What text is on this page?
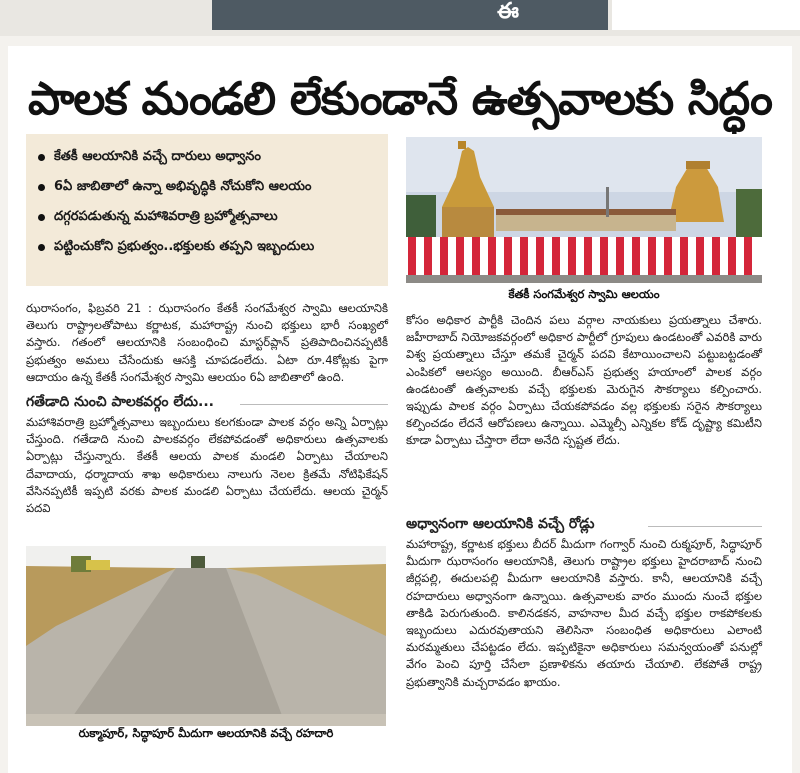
ఈ
పాలక మండలి లేకుండానే ఉత్సవాలకు సిద్ధం
కేతకీ ఆలయానికి వచ్చే దారులు అధ్వానం
6ఏ జాబితాలో ఉన్నా అభివృద్ధికి నోచుకోని ఆలయం
దగ్గరపడుతున్న మహాశివరాత్రి బ్రహ్మోత్సవాలు
పట్టించుకోని ప్రభుత్వం..భక్తులకు తప్పని ఇబ్బందులు
కేతకీ సంగమేశ్వర స్వామి ఆలయం

ఝరాసంగం, ఫిబ్రవరి 21 : ఝరాసంగం కేతకీ సంగమేశ్వర స్వామి ఆలయానికి తెలుగు రాష్ట్రాలతోపాటు కర్ణాటక, మహారాష్ట్ర నుంచి భక్తులు భారీ సంఖ్యలో వస్తారు. గతంలో ఆలయానికి సంబంధించి మాస్టర్‌ప్లాన్ ప్రతిపాదించినప్పటికీ ప్రభుత్వం అమలు చేసేందుకు ఆసక్తి చూపడంలేదు. ఏటా రూ.4కోట్లకు పైగా ఆదాయం ఉన్న కేతకీ సంగమేశ్వర స్వామి ఆలయం 6ఏ జాబితాలో ఉంది.

గతేడాది నుంచి పాలకవర్గం లేదు...

మహాశివరాత్రి బ్రహ్మోత్సవాలు ఇబ్బందులు కలగకుండా పాలక వర్గం అన్ని ఏర్పాట్లు చేస్తుంది. గతేడాది నుంచి పాలకవర్గం లేకపోవడంతో అధికారులు ఉత్సవాలకు ఏర్పాట్లు చేస్తున్నారు. కేతకీ ఆలయ పాలక మండలి ఏర్పాటు చేయాలని దేవాదాయ, ధర్మాదాయ శాఖ అధికారులు నాలుగు నెలల క్రితమే నోటిఫికేషన్ వేసినప్పటికీ ఇప్పటి వరకు పాలక మండలి ఏర్పాటు చేయలేదు. ఆలయ చైర్మన్ పదవి

రుక్మాపూర్, సిద్ధాపూర్ మీదుగా ఆలయానికి వచ్చే రహదారి

కోసం అధికార పార్టీకి చెందిన పలు వర్గాల నాయకులు ప్రయత్నాలు చేశారు. జహీరాబాద్ నియోజకవర్గంలో అధికార పార్టీలో గ్రూపులు ఉండటంతో ఎవరికి వారు విశ్వ ప్రయత్నాలు చేస్తూ తమకే చైర్మన్ పదవి కేటాయించాలని పట్టుబట్టడంతో ఎంపికలో ఆలస్యం అయింది. బీఆర్ఎస్ ప్రభుత్వ హయాంలో పాలక వర్గం ఉండటంతో ఉత్సవాలకు వచ్చే భక్తులకు మెరుగైన సౌకర్యాలు కల్పించారు. ఇప్పుడు పాలక వర్గం ఏర్పాటు చేయకపోవడం వల్ల భక్తులకు సరైన సౌకర్యాలు కల్పించడం లేదనే ఆరోపణలు ఉన్నాయి. ఎమ్మెల్సీ ఎన్నికల కోడ్ దృష్ట్యా కమిటీని కూడా ఏర్పాటు చేస్తారా లేదా అనేది స్పష్టత లేదు.

అధ్వానంగా ఆలయానికి వచ్చే రోడ్లు

మహారాష్ట్ర, కర్ణాటక భక్తులు బీదర్ మీదుగా గంగ్వార్ నుంచి రుక్మపూర్, సిద్ధాపూర్ మీదుగా ఝరాసంగం ఆలయానికి, తెలుగు రాష్ట్రాల భక్తులు హైదరాబాద్ నుంచి జీర్లపల్లి, ఈదులపల్లి మీదుగా ఆలయానికి వస్తారు. కానీ, ఆలయానికి వచ్చే రహదారులు అధ్వానంగా ఉన్నాయి. ఉత్సవాలకు వారం ముందు నుంచే భక్తుల తాకిడి పెరుగుతుంది. కాలినడకన, వాహనాల మీద వచ్చే భక్తుల రాకపోకలకు ఇబ్బందులు ఎదురవుతాయని తెలిసినా సంబంధిత అధికారులు ఎలాంటి మరమ్మతులు చేపట్టడం లేదు. ఇప్పటికైనా అధికారులు సమన్వయంతో పనుల్లో వేగం పెంచి పూర్తి చేసేలా ప్రణాళికను తయారు చేయాలి. లేకపోతే రాష్ట్ర ప్రభుత్వానికి మచ్చరావడం ఖాయం.
